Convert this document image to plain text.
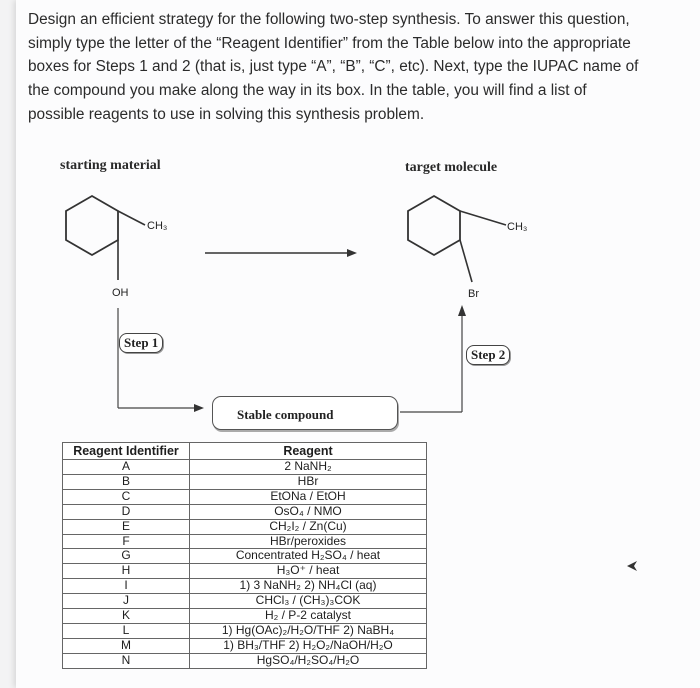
Design an efficient strategy for the following two-step synthesis. To answer this question,

simply type the letter of the “Reagent Identifier” from the Table below into the appropriate

boxes for Steps 1 and 2 (that is, just type “A”, “B”, “C”, etc). Next, type the IUPAC name of

the compound you make along the way in its box. In the table, you will find a list of

possible reagents to use in solving this synthesis problem.

starting material	target molecule
CH₃
OH
CH₃
Br
Step 1
Step 2
Stable compound
Reagent Identifier	Reagent
A	2 NaNH₂
B	HBr
C	EtONa / EtOH
D	OsO₄ / NMO
E	CH₂I₂ / Zn(Cu)
F	HBr/peroxides
G	Concentrated H₂SO₄ / heat
H	H₃O⁺ / heat
I	1) 3 NaNH₂ 2) NH₄Cl (aq)
J	CHCl₃ / (CH₃)₃COK
K	H₂ / P-2 catalyst
L	1) Hg(OAc)₂/H₂O/THF 2) NaBH₄
M	1) BH₃/THF 2) H₂O₂/NaOH/H₂O
N	HgSO₄/H₂SO₄/H₂O
